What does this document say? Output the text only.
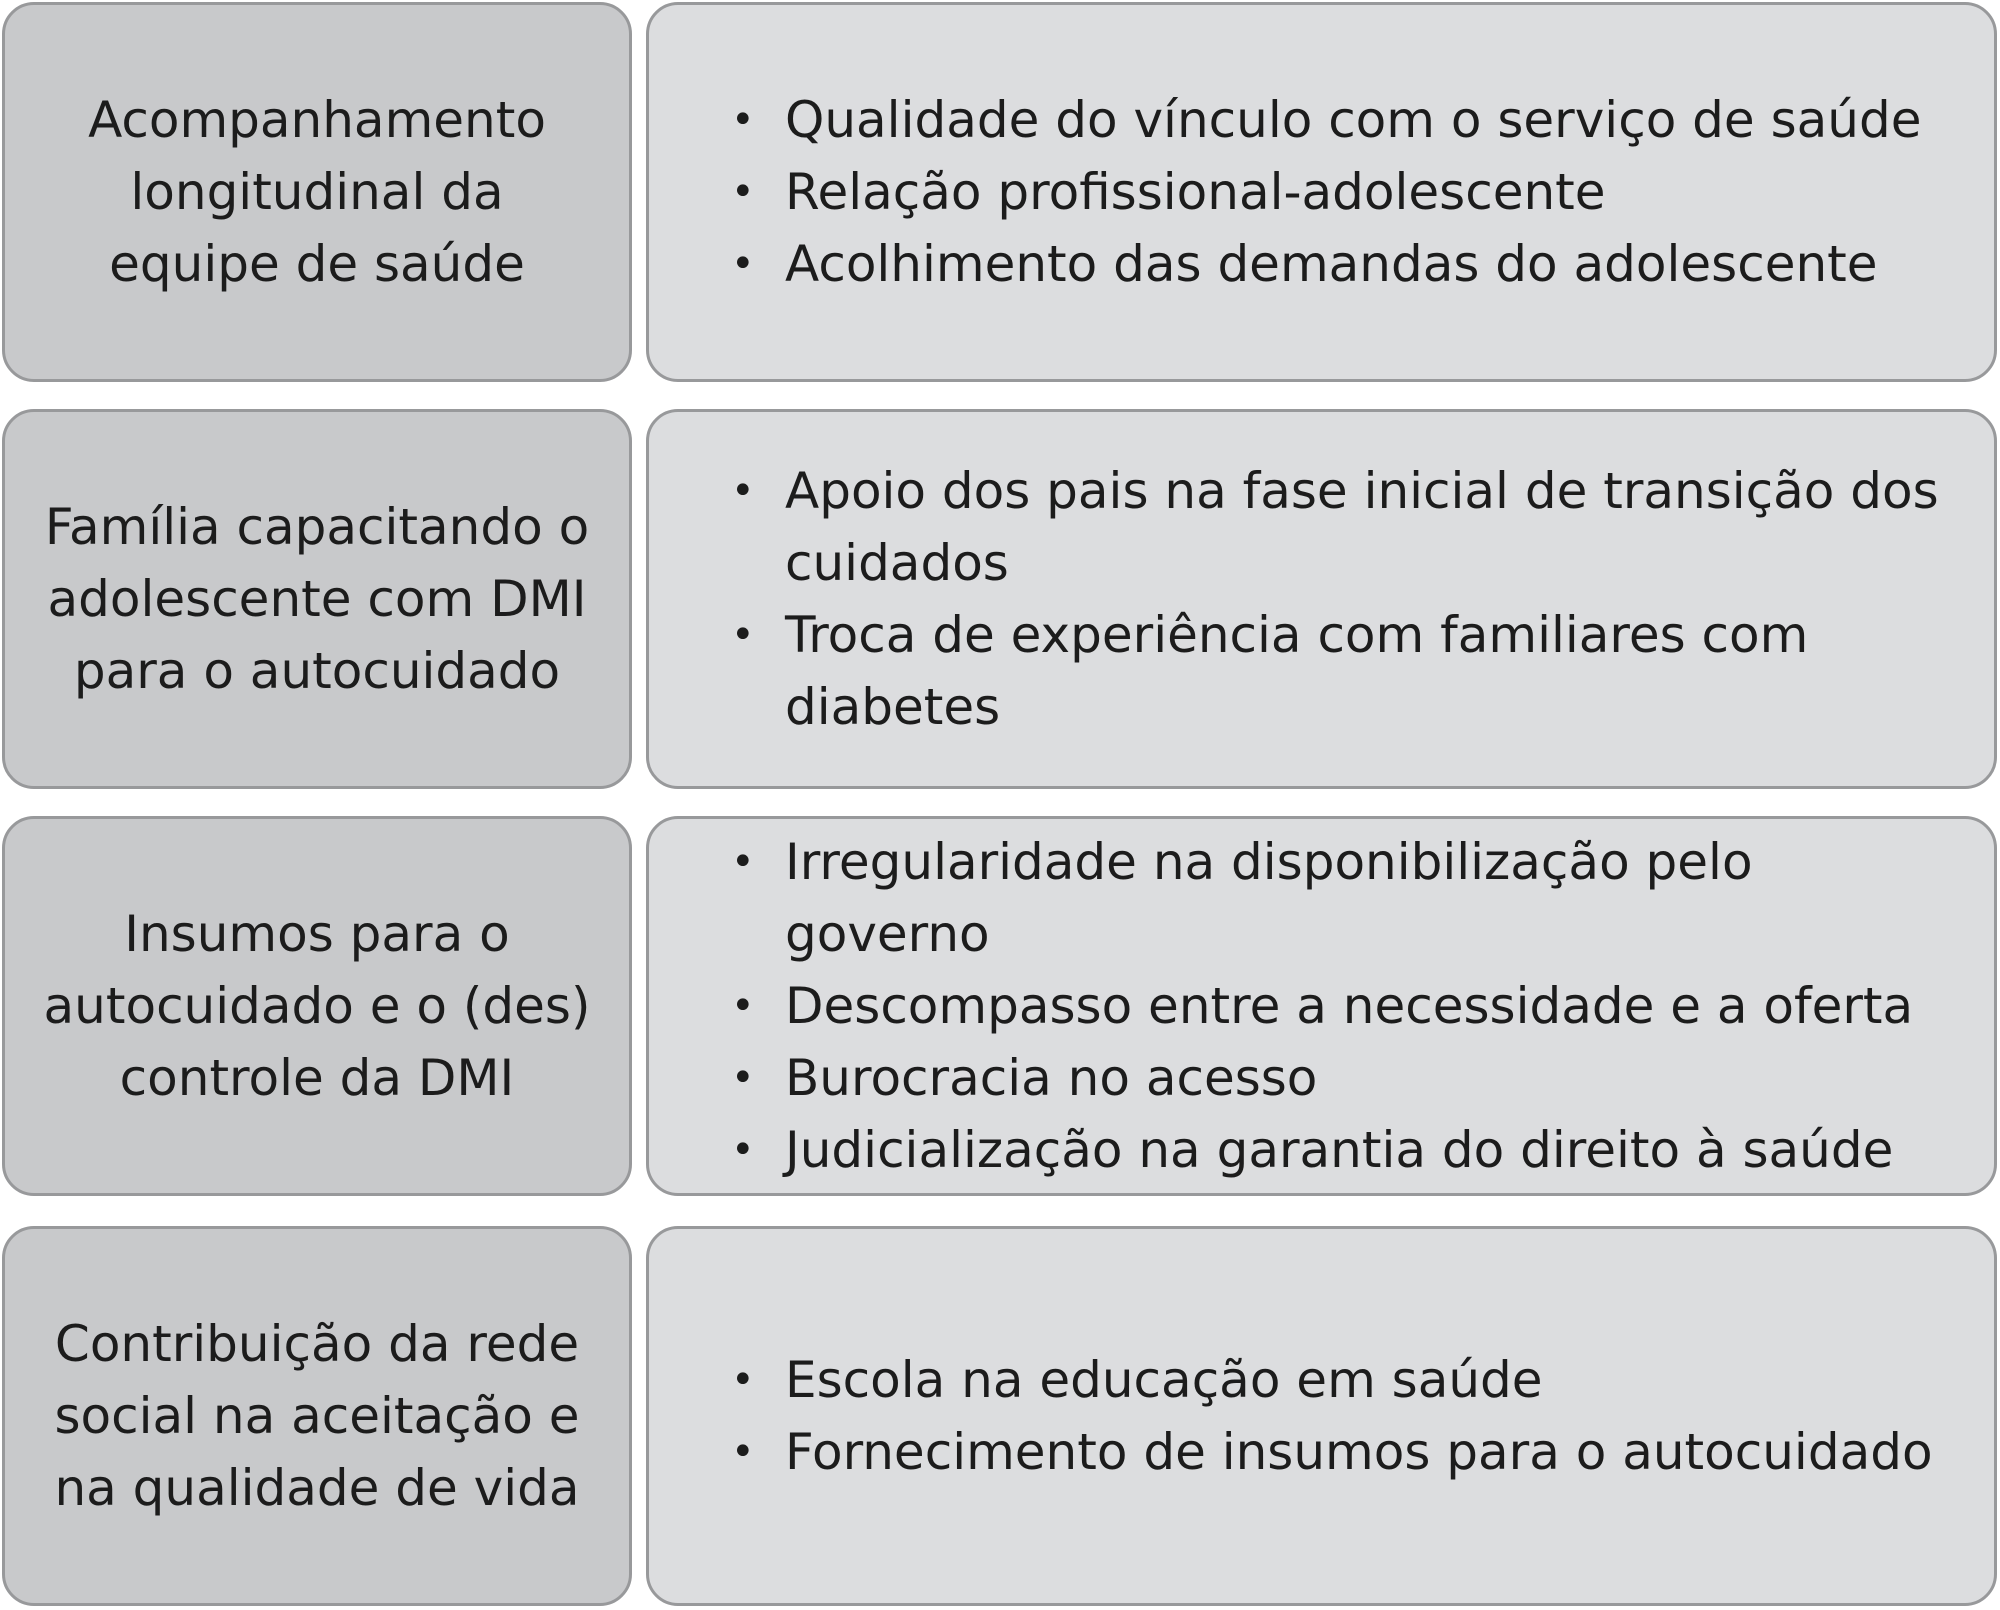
Acompanhamento
longitudinal da
equipe de saúde
• Qualidade do vínculo com o serviço de saúde
• Relação profissional-adolescente
• Acolhimento das demandas do adolescente
Família capacitando o
adolescente com DMI
para o autocuidado
• Apoio dos pais na fase inicial de transição dos cuidados
• Troca de experiência com familiares com diabetes
Insumos para o
autocuidado e o (des)
controle da DMI
• Irregularidade na disponibilização pelo governo
• Descompasso entre a necessidade e a oferta
• Burocracia no acesso
• Judicialização na garantia do direito à saúde
Contribuição da rede
social na aceitação e
na qualidade de vida
• Escola na educação em saúde
• Fornecimento de insumos para o autocuidado
